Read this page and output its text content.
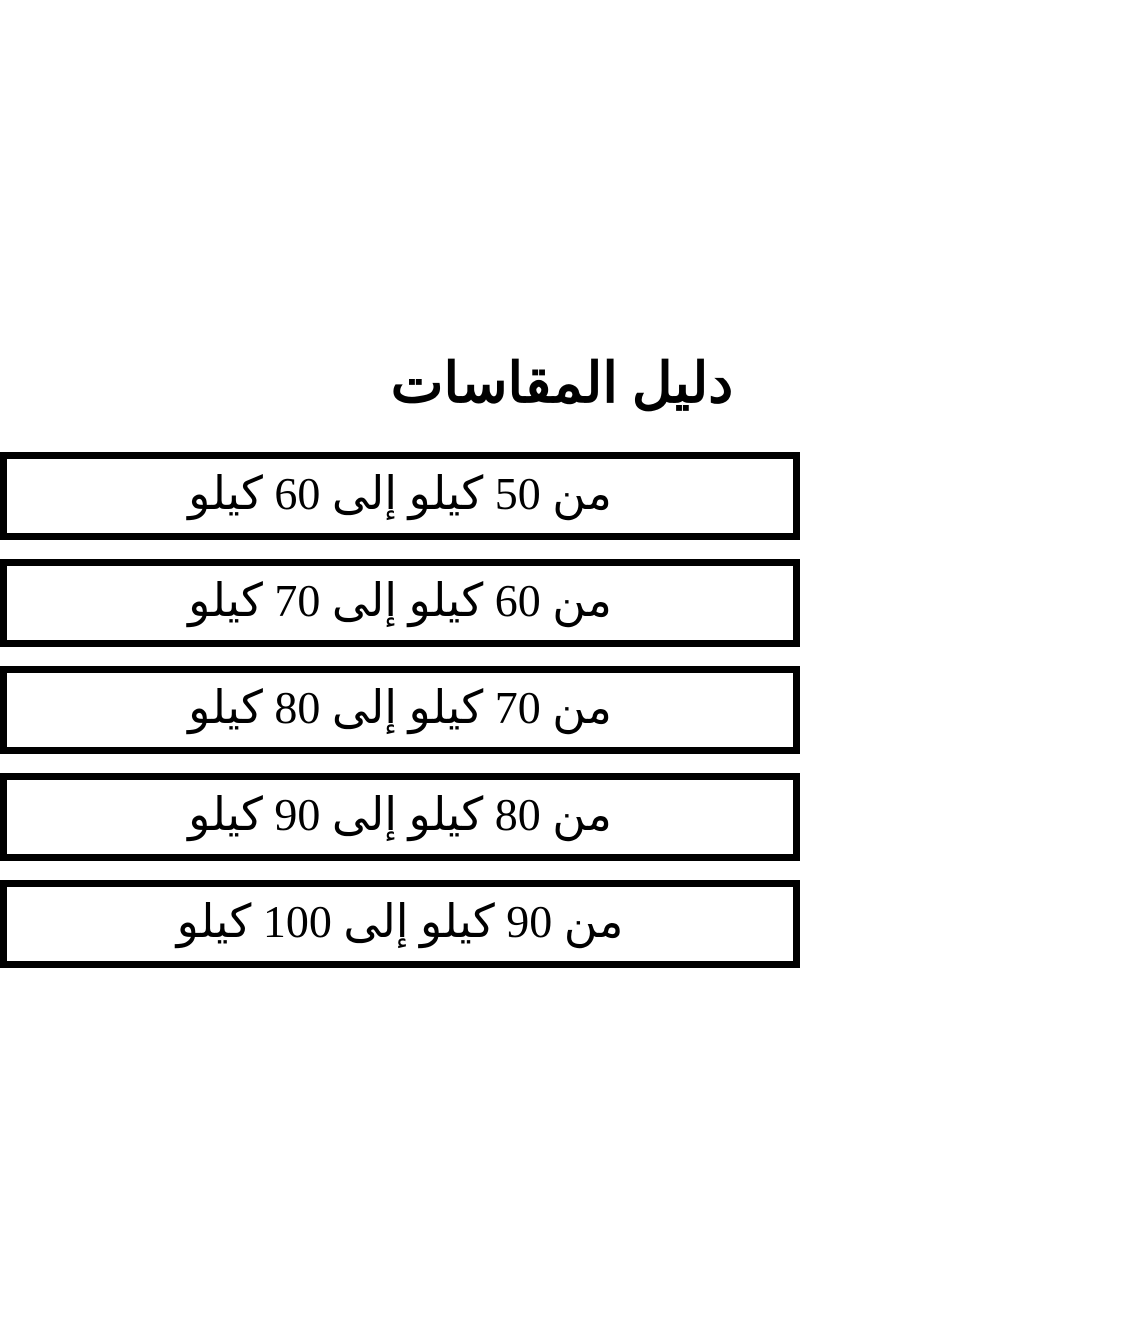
دليل المقاسات
من 50 كيلو إلى 60 كيلو
من 60 كيلو إلى 70 كيلو
من 70 كيلو إلى 80 كيلو
من 80 كيلو إلى 90 كيلو
من 90 كيلو إلى 100 كيلو
